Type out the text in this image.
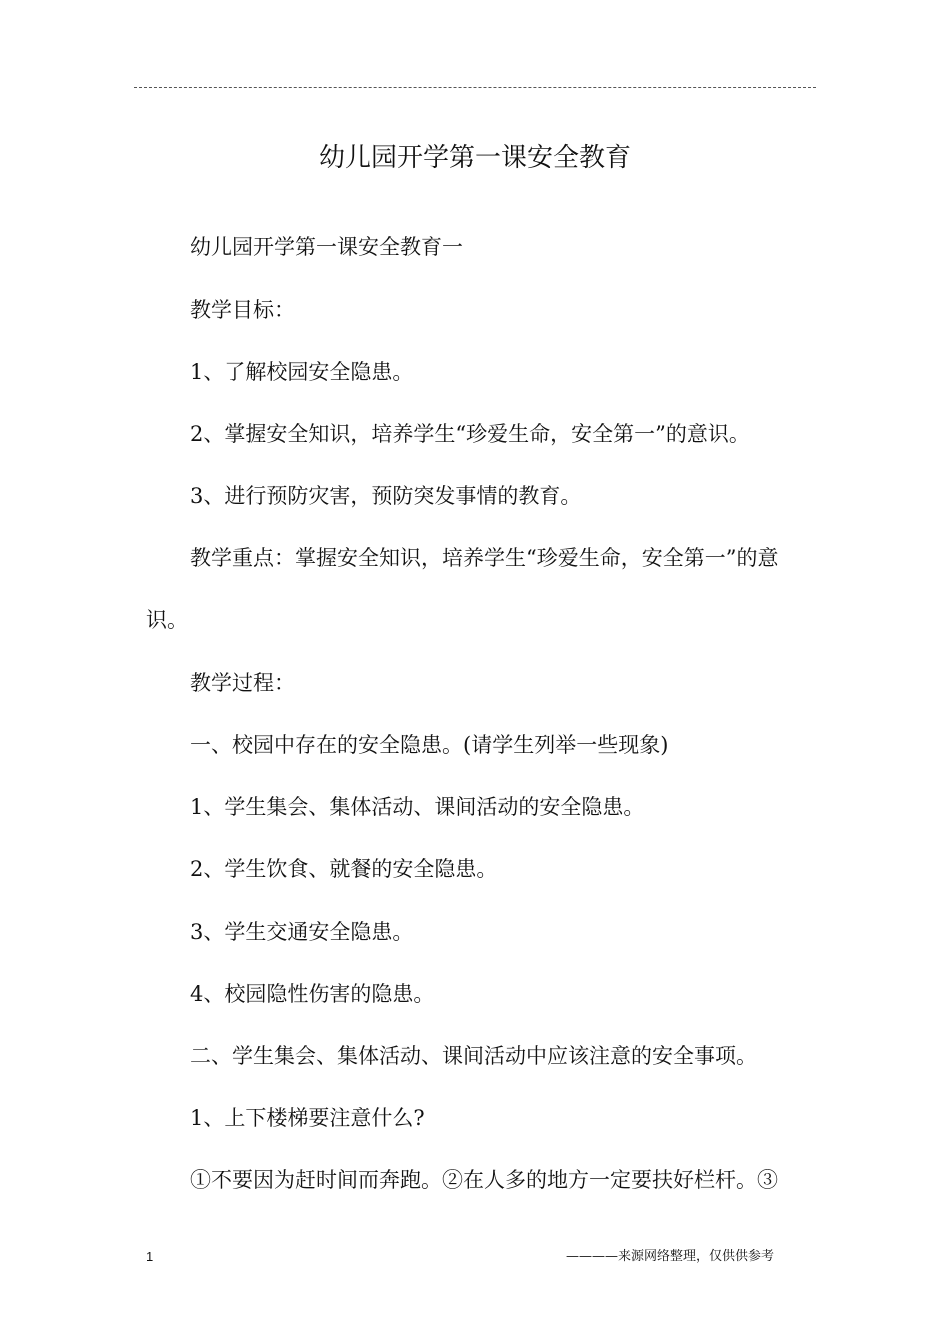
幼儿园开学第一课安全教育
幼儿园开学第一课安全教育一
教学目标：
1、了解校园安全隐患。
2、掌握安全知识，培养学生“珍爱生命，安全第一”的意识。
3、进行预防灾害，预防突发事情的教育。
教学重点：掌握安全知识，培养学生“珍爱生命，安全第一”的意识。
教学过程：
一、校园中存在的安全隐患。(请学生列举一些现象)
1、学生集会、集体活动、课间活动的安全隐患。
2、学生饮食、就餐的安全隐患。
3、学生交通安全隐患。
4、校园隐性伤害的隐患。
二、学生集会、集体活动、课间活动中应该注意的安全事项。
1、上下楼梯要注意什么?
①不要因为赶时间而奔跑。②在人多的地方一定要扶好栏杆。③
1	————来源网络整理，仅供供参考
